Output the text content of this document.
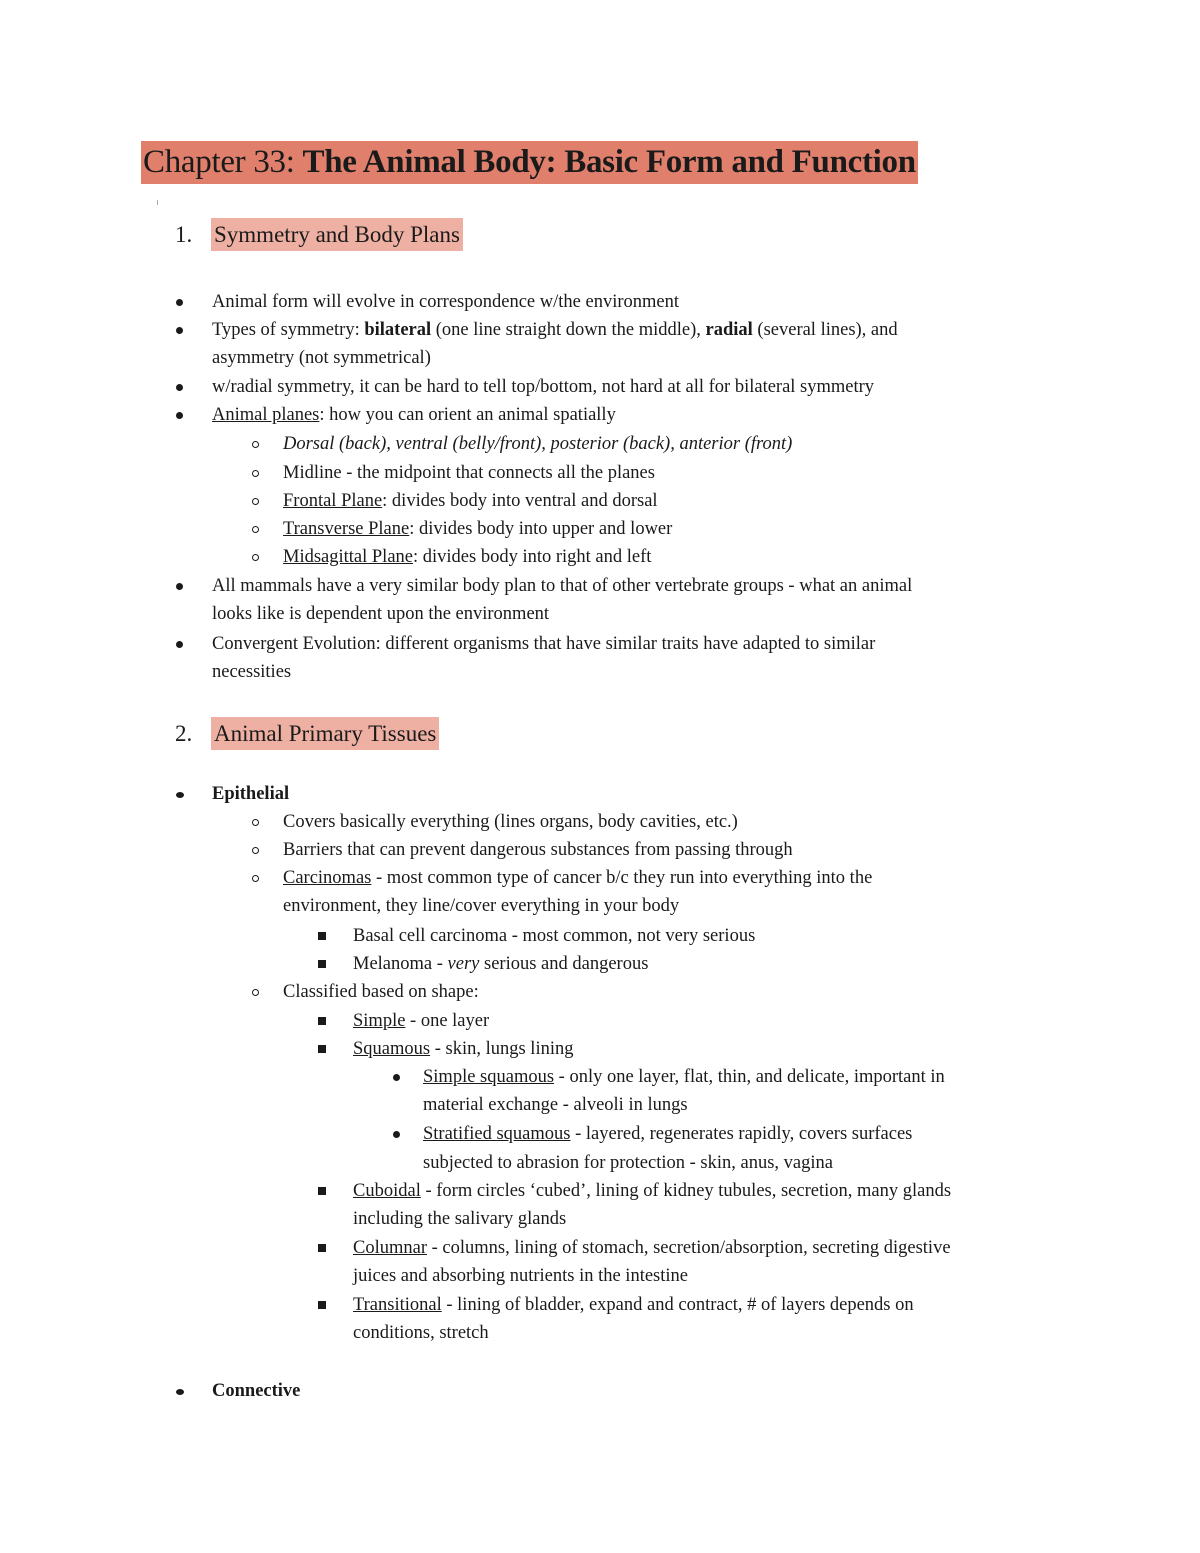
Chapter 33: The Animal Body: Basic Form and Function
1. Symmetry and Body Plans
Animal form will evolve in correspondence w/the environment
Types of symmetry: bilateral (one line straight down the middle), radial (several lines), and
asymmetry (not symmetrical)
w/radial symmetry, it can be hard to tell top/bottom, not hard at all for bilateral symmetry
Animal planes: how you can orient an animal spatially
Dorsal (back), ventral (belly/front), posterior (back), anterior (front)
Midline - the midpoint that connects all the planes
Frontal Plane: divides body into ventral and dorsal
Transverse Plane: divides body into upper and lower
Midsagittal Plane: divides body into right and left
All mammals have a very similar body plan to that of other vertebrate groups - what an animal
looks like is dependent upon the environment
Convergent Evolution: different organisms that have similar traits have adapted to similar
necessities
2. Animal Primary Tissues
Epithelial
Covers basically everything (lines organs, body cavities, etc.)
Barriers that can prevent dangerous substances from passing through
Carcinomas - most common type of cancer b/c they run into everything into the
environment, they line/cover everything in your body
Basal cell carcinoma - most common, not very serious
Melanoma - very serious and dangerous
Classified based on shape:
Simple - one layer
Squamous - skin, lungs lining
Simple squamous - only one layer, flat, thin, and delicate, important in
material exchange - alveoli in lungs
Stratified squamous - layered, regenerates rapidly, covers surfaces
subjected to abrasion for protection - skin, anus, vagina
Cuboidal - form circles ‘cubed’, lining of kidney tubules, secretion, many glands
including the salivary glands
Columnar - columns, lining of stomach, secretion/absorption, secreting digestive
juices and absorbing nutrients in the intestine
Transitional - lining of bladder, expand and contract, # of layers depends on
conditions, stretch
Connective
